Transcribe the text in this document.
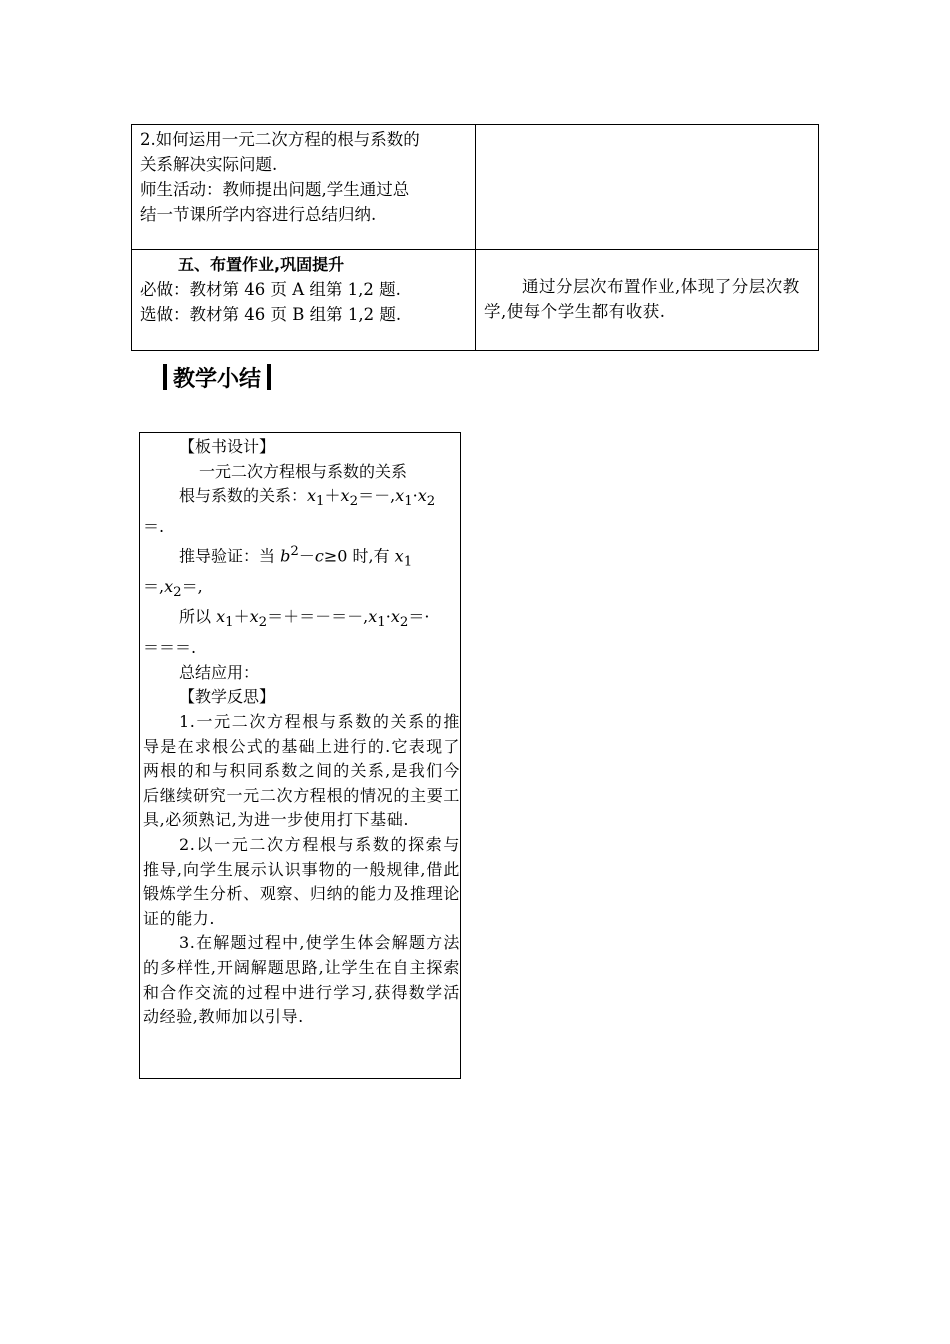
2.如何运用一元二次方程的根与系数的

关系解决实际问题.

师生活动：教师提出问题,学生通过总

结一节课所学内容进行总结归纳.	

五、布置作业,巩固提升

必做：教材第 46 页 A 组第 1,2 题.

选做：教材第 46 页 B 组第 1,2 题.	通过分层次布置作业,体现了分层次教学,使每个学生都有收获.

教学小结

【板书设计】

一元二次方程根与系数的关系

根与系数的关系：$x_1+x_2=-,x_1\cdot x_2$

＝.

推导验证：当 $b^2-c\ge 0$ 时,有 $x_1$

$=,x_2=$,

所以 $x_1+x_2=+=-=-,x_1\cdot x_2=\cdot$

＝＝＝.

总结应用：

【教学反思】

1.一元二次方程根与系数的关系的推导是在求根公式的基础上进行的.它表现了两根的和与积同系数之间的关系,是我们今后继续研究一元二次方程根的情况的主要工具,必须熟记,为进一步使用打下基础.

2.以一元二次方程根与系数的探索与推导,向学生展示认识事物的一般规律,借此锻炼学生分析、观察、归纳的能力及推理论证的能力.

3.在解题过程中,使学生体会解题方法的多样性,开阔解题思路,让学生在自主探索和合作交流的过程中进行学习,获得数学活动经验,教师加以引导.
